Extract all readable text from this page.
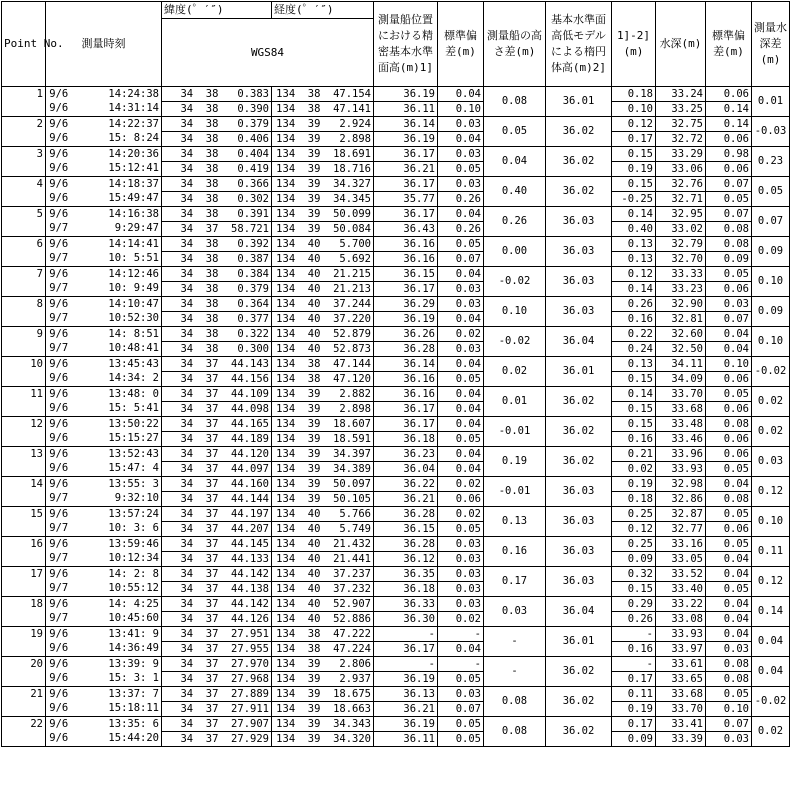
Point No.	測量時刻		緯度(゜′″)	経度(゜′″)	測量船位置における精密基本水準面高(m)1]	標準偏差(m)	測量船の高さ差(m)	基本水準面高低モデルによる楕円体高(m)2]	1]-2](m)	水深(m)	標準偏差(m)	測量水深差(m)
			WGS84									
1	9/6	14:24:38	34  38   0.383	134  38  47.154	36.19	0.04	0.08	36.01	0.18	33.24	0.06	0.01
	9/6	14:31:14	34  38   0.390	134  38  47.141	36.11	0.10			0.10	33.25	0.14	
2	9/6	14:22:37	34  38   0.379	134  39   2.924	36.14	0.03	0.05	36.02	0.12	32.75	0.14	-0.03
	9/6	15: 8:24	34  38   0.406	134  39   2.898	36.19	0.04			0.17	32.72	0.06	
3	9/6	14:20:36	34  38   0.404	134  39  18.691	36.17	0.03	0.04	36.02	0.15	33.29	0.98	0.23
	9/6	15:12:41	34  38   0.419	134  39  18.716	36.21	0.05			0.19	33.06	0.06	
4	9/6	14:18:37	34  38   0.366	134  39  34.327	36.17	0.03	0.40	36.02	0.15	32.76	0.07	0.05
	9/6	15:49:47	34  38   0.302	134  39  34.345	35.77	0.26			-0.25	32.71	0.05	
5	9/6	14:16:38	34  38   0.391	134  39  50.099	36.17	0.04	0.26	36.03	0.14	32.95	0.07	0.07
	9/7	9:29:47	34  37  58.721	134  39  50.084	36.43	0.26			0.40	33.02	0.08	
6	9/6	14:14:41	34  38   0.392	134  40   5.700	36.16	0.05	0.00	36.03	0.13	32.79	0.08	0.09
	9/7	10: 5:51	34  38   0.387	134  40   5.692	36.16	0.07			0.13	32.70	0.09	
7	9/6	14:12:46	34  38   0.384	134  40  21.215	36.15	0.04	-0.02	36.03	0.12	33.33	0.05	0.10
	9/7	10: 9:49	34  38   0.379	134  40  21.213	36.17	0.03			0.14	33.23	0.06	
8	9/6	14:10:47	34  38   0.364	134  40  37.244	36.29	0.03	0.10	36.03	0.26	32.90	0.03	0.09
	9/7	10:52:30	34  38   0.377	134  40  37.220	36.19	0.04			0.16	32.81	0.07	
9	9/6	14: 8:51	34  38   0.322	134  40  52.879	36.26	0.02	-0.02	36.04	0.22	32.60	0.04	0.10
	9/7	10:48:41	34  38   0.300	134  40  52.873	36.28	0.03			0.24	32.50	0.04	
10	9/6	13:45:43	34  37  44.143	134  38  47.144	36.14	0.04	0.02	36.01	0.13	34.11	0.10	-0.02
	9/6	14:34: 2	34  37  44.156	134  38  47.120	36.16	0.05			0.15	34.09	0.06	
11	9/6	13:48: 0	34  37  44.109	134  39   2.882	36.16	0.04	0.01	36.02	0.14	33.70	0.05	0.02
	9/6	15: 5:41	34  37  44.098	134  39   2.898	36.17	0.04			0.15	33.68	0.06	
12	9/6	13:50:22	34  37  44.165	134  39  18.607	36.17	0.04	-0.01	36.02	0.15	33.48	0.08	0.02
	9/6	15:15:27	34  37  44.189	134  39  18.591	36.18	0.05			0.16	33.46	0.06	
13	9/6	13:52:43	34  37  44.120	134  39  34.397	36.23	0.04	0.19	36.02	0.21	33.96	0.06	0.03
	9/6	15:47: 4	34  37  44.097	134  39  34.389	36.04	0.04			0.02	33.93	0.05	
14	9/6	13:55: 3	34  37  44.160	134  39  50.097	36.22	0.02	-0.01	36.03	0.19	32.98	0.04	0.12
	9/7	9:32:10	34  37  44.144	134  39  50.105	36.21	0.06			0.18	32.86	0.08	
15	9/6	13:57:24	34  37  44.197	134  40   5.766	36.28	0.02	0.13	36.03	0.25	32.87	0.05	0.10
	9/7	10: 3: 6	34  37  44.207	134  40   5.749	36.15	0.05			0.12	32.77	0.06	
16	9/6	13:59:46	34  37  44.145	134  40  21.432	36.28	0.03	0.16	36.03	0.25	33.16	0.05	0.11
	9/7	10:12:34	34  37  44.133	134  40  21.441	36.12	0.03			0.09	33.05	0.04	
17	9/6	14: 2: 8	34  37  44.142	134  40  37.237	36.35	0.03	0.17	36.03	0.32	33.52	0.04	0.12
	9/7	10:55:12	34  37  44.138	134  40  37.232	36.18	0.03			0.15	33.40	0.05	
18	9/6	14: 4:25	34  37  44.142	134  40  52.907	36.33	0.03	0.03	36.04	0.29	33.22	0.04	0.14
	9/7	10:45:60	34  37  44.126	134  40  52.886	36.30	0.02			0.26	33.08	0.04	
19	9/6	13:41: 9	34  37  27.951	134  38  47.222	-	-	-	36.01	-	33.93	0.04	0.04
	9/6	14:36:49	34  37  27.955	134  38  47.224	36.17	0.04			0.16	33.97	0.03	
20	9/6	13:39: 9	34  37  27.970	134  39   2.806	-	-	-	36.02	-	33.61	0.08	0.04
	9/6	15: 3: 1	34  37  27.968	134  39   2.937	36.19	0.05			0.17	33.65	0.08	
21	9/6	13:37: 7	34  37  27.889	134  39  18.675	36.13	0.03	0.08	36.02	0.11	33.68	0.05	-0.02
	9/6	15:18:11	34  37  27.911	134  39  18.663	36.21	0.07			0.19	33.70	0.10	
22	9/6	13:35: 6	34  37  27.907	134  39  34.343	36.19	0.05	0.08	36.02	0.17	33.41	0.07	0.02
	9/6	15:44:20	34  37  27.929	134  39  34.320	36.11	0.05			0.09	33.39	0.03	
